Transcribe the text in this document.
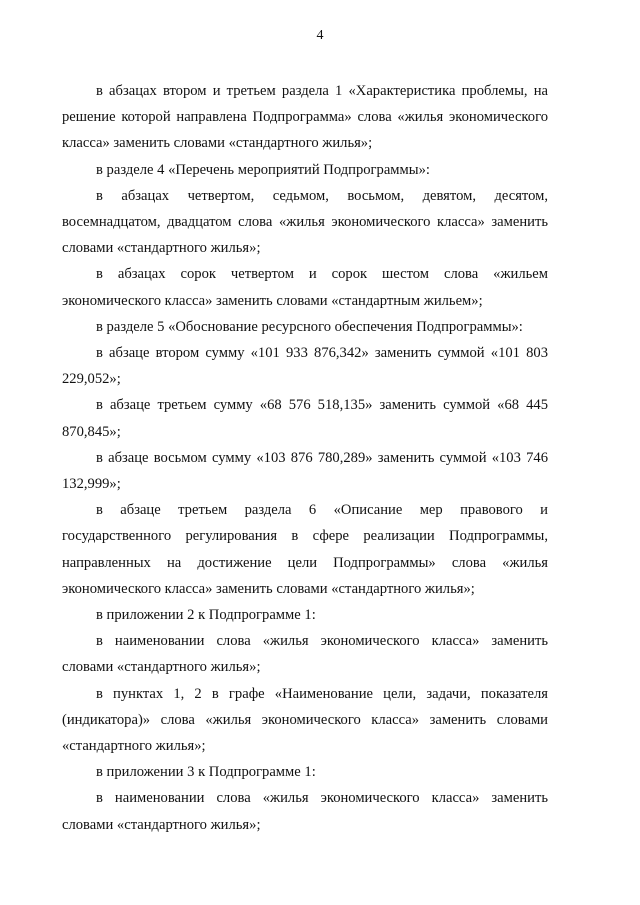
4

в абзацах втором и третьем раздела 1 «Характеристика проблемы, на решение которой направлена Подпрограмма» слова «жилья экономического класса» заменить словами «стандартного жилья»;

в разделе 4 «Перечень мероприятий Подпрограммы»:

в абзацах четвертом, седьмом, восьмом, девятом, десятом, восемнадцатом, двадцатом слова «жилья экономического класса» заменить словами «стандартного жилья»;

в абзацах сорок четвертом и сорок шестом слова «жильем экономического класса» заменить словами «стандартным жильем»;

в разделе 5 «Обоснование ресурсного обеспечения Подпрограммы»:

в абзаце втором сумму «101 933 876,342» заменить суммой «101 803 229,052»;

в абзаце третьем сумму «68 576 518,135» заменить суммой «68 445 870,845»;

в абзаце восьмом сумму «103 876 780,289» заменить суммой «103 746 132,999»;

в абзаце третьем раздела 6 «Описание мер правового и государственного регулирования в сфере реализации Подпрограммы, направленных на достижение цели Подпрограммы» слова «жилья экономического класса» заменить словами «стандартного жилья»;

в приложении 2 к Подпрограмме 1:

в наименовании слова «жилья экономического класса» заменить словами «стандартного жилья»;

в пунктах 1, 2 в графе «Наименование цели, задачи, показателя (индикатора)» слова «жилья экономического класса» заменить словами «стандартного жилья»;

в приложении 3 к Подпрограмме 1:

в наименовании слова «жилья экономического класса» заменить словами «стандартного жилья»;
